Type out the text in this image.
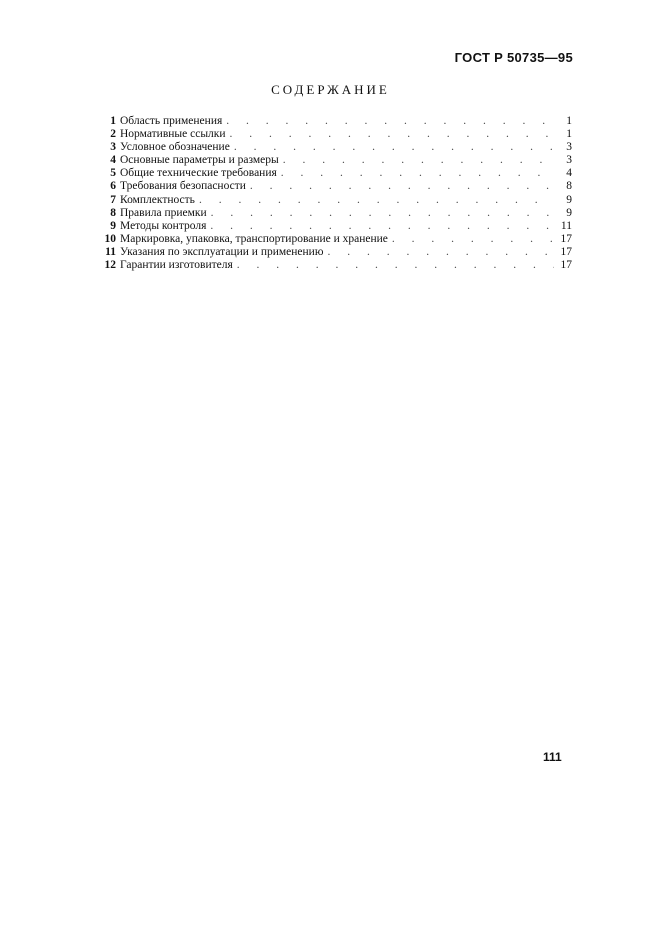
ГОСТ Р 50735—95
СОДЕРЖАНИЕ
1 Область применения . . .	1
2 Нормативные ссылки . . .	1
3 Условное обозначение . . .	3
4 Основные параметры и размеры . . .	3
5 Общие технические требования . . .	4
6 Требования безопасности . . .	8
7 Комплектность . . .	9
8 Правила приемки . . .	9
9 Методы контроля . . .	11
10 Маркировка, упаковка, транспортирование и хранение . . .	17
11 Указания по эксплуатации и применению . . .	17
12 Гарантии изготовителя . . .	17
111
